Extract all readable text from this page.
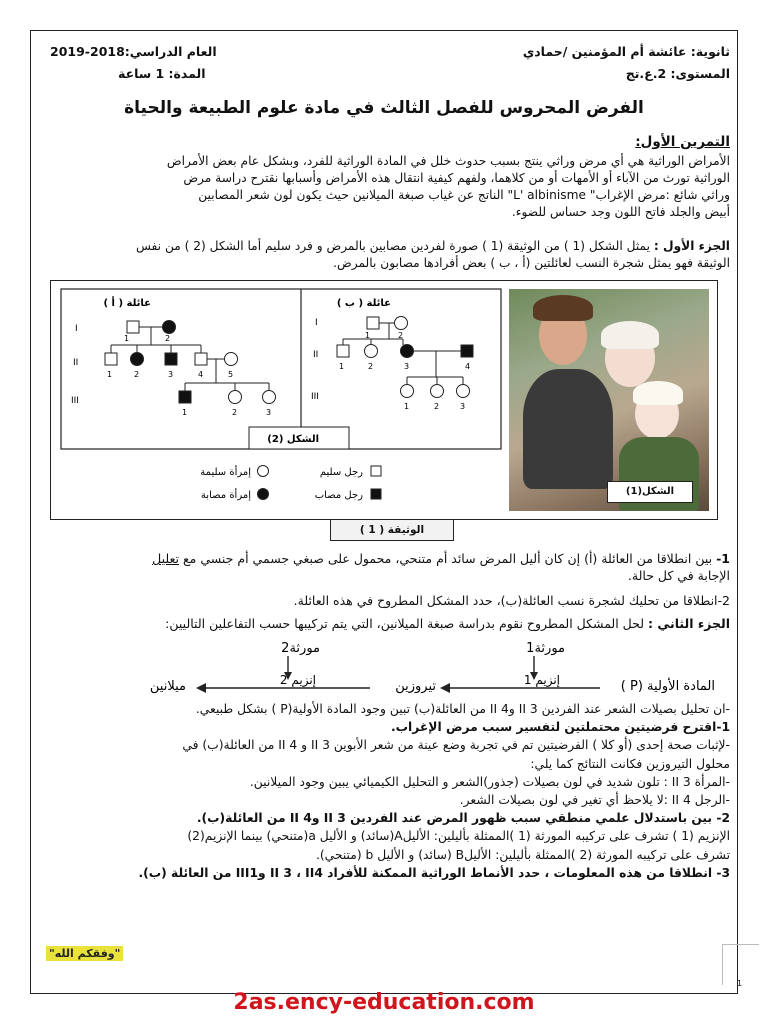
ثانوية: عائشة أم المؤمنين /حمادي
المستوى: 2.ع.تج
العام الدراسي:2018-2019
المدة: 1 ساعة
الفرض المحروس للفصل الثالث في مادة علوم الطبيعة والحياة
التمرين الأول:
الأمراض الوراثية هي أي مرض وراثي ينتج بسبب حدوث خلل في المادة الوراثية للفرد، وبشكل عام بعض الأمراض
الوراثية تورث من الآباء أو الأمهات أو من كلاهما، ولفهم كيفية انتقال هذه الأمراض وأسبابها نقترح دراسة مرض
وراثي شائع :مرض الإغراب" L' albinisme" الناتج عن غياب صبغة الميلانين حيث يكون لون شعر المصابين
أبيض والجلد فاتح اللون وجد حساس للضوء.
الجزء الأول : يمثل الشكل (1 ) من الوثيقة (1 ) صورة لفردين مصابين بالمرض و فرد سليم أما الشكل (2 ) من نفس
الوثيقة فهو يمثل شجرة النسب لعائلتين (أ ، ب ) بعض أفرادها مصابون بالمرض.
I
II
III
I
II
III
عائلة ( أ )
1	2
1	2	3	4	5
1	2	3
عائلة ( ب )
1	2
1	2	3	4
1	2	3
الشكل (2)
إمرأة سليمة
إمرأة مصابة
رجل سليم
رجل مصاب	الشكل(1)
الوثيقة ( 1 )
1- بين انطلاقا من العائلة (أ) إن كان أليل المرض سائد أم متنحي، محمول على صبغي جسمي أم جنسي مع تعليل
الإجابة في كل حالة.
2-انطلاقا من تحليك لشجرة نسب العائلة(ب)، حدد المشكل المطروح في هذه العائلة.
الجزء الثاني : لحل المشكل المطروح نقوم بدراسة صبغة الميلانين، التي يتم تركيبها حسب التفاعلين التاليين:
مورثة1
مورثة2
المادة الأولية (P )
إنزيم 1
تيروزين
إنزيم 2
ميلانين
-ان تحليل بصيلات الشعر عند الفردين II 3 وII 4 من العائلة(ب) تبين وجود المادة الأولية(P ) بشكل طبيعي.
1-اقترح فرضيتين محتملتين لتفسير سبب مرض الإغراب.
-لإثبات صحة إحدى (أو كلا ) الفرضيتين تم في تجربة وضع عينة من شعر الأبوين II 3 و II 4 من العائلة(ب) في
محلول التيروزين فكانت النتائج كما يلي:
-المرأة II 3 : تلون شديد في لون بصيلات (جذور)الشعر و التحليل الكيميائي يبين وجود الميلانين.
-الرجل II 4 :لا يلاحظ أي تغير في لون بصيلات الشعر.
2- بين باستدلال علمي منطقي سبب ظهور المرض عند الفردين II 3 وII 4 من العائلة(ب).
الإنزيم (1 ) تشرف على تركيبه المورثة (1 )الممثلة بأليلين: الأليلA(سائد) و الأليل a(متنحي) بينما الإنزيم(2)
تشرف على تركيبه المورثة (2 )الممثلة بأليلين: الأليلB (سائد) و الأليل b (متنحي).
3- انطلاقا من هذه المعلومات ، حدد الأنماط الوراثية الممكنة للأفراد II 3 ، II4 وIII1 من العائلة (ب).
"وفقكم الله"
1
2as.ency-education.com
